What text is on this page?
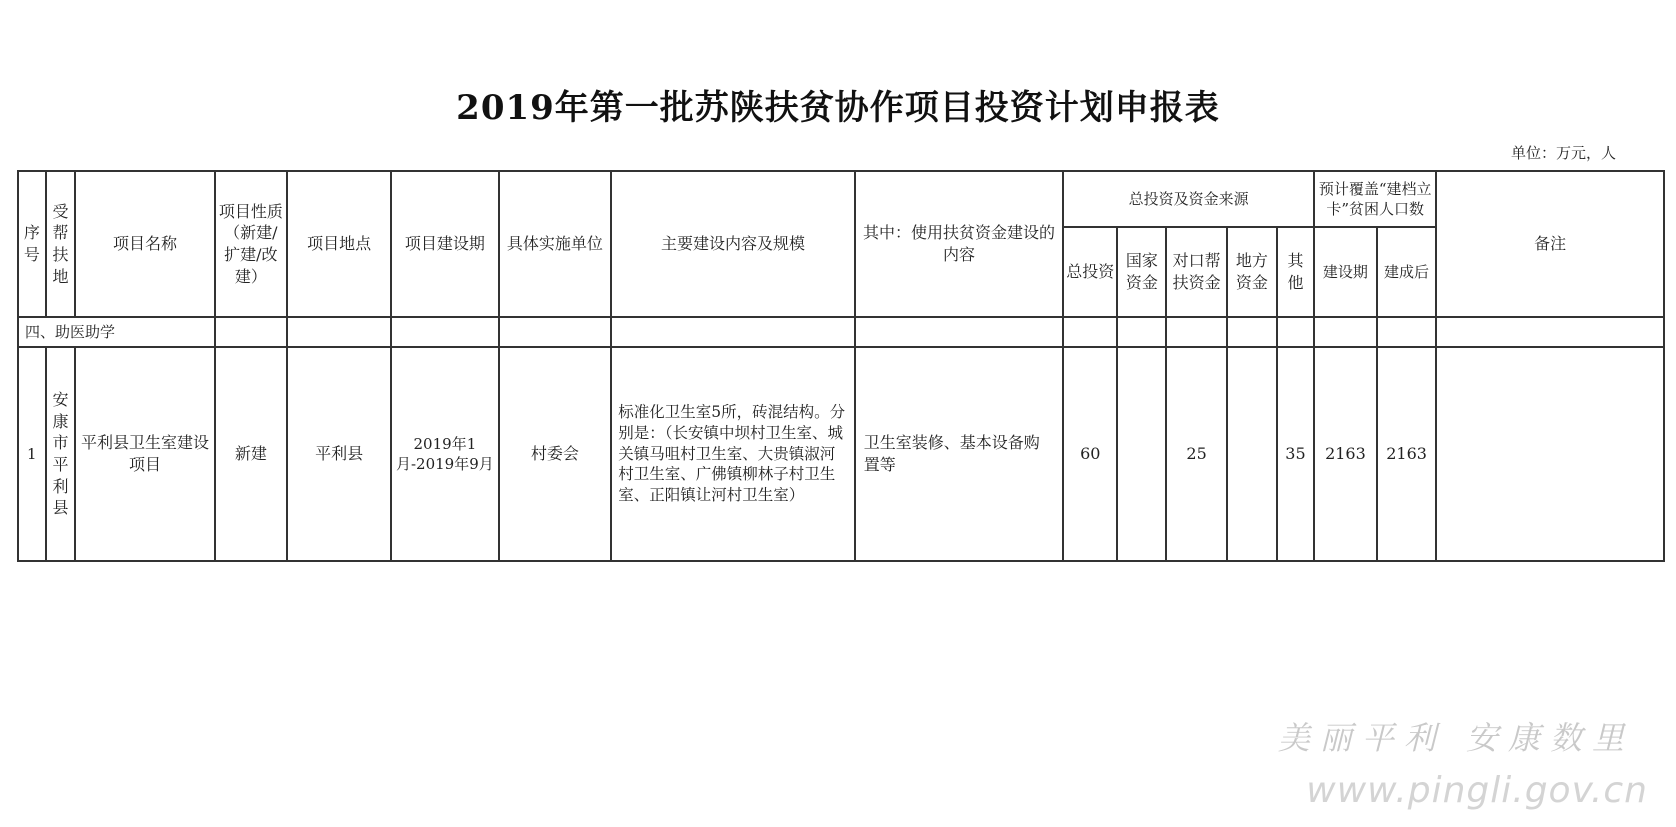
2019年第一批苏陕扶贫协作项目投资计划申报表
单位：万元，人
序号	受帮扶地	项目名称	项目性质（新建/扩建/改建）	项目地点	项目建设期	具体实施单位	主要建设内容及规模	其中：使用扶贫资金建设的内容	总投资及资金来源					预计覆盖“建档立卡”贫困人口数		备注
									总投资	国家资金	对口帮扶资金	地方资金	其他	建设期	建成后	
四、助医助学																
1	安康市平利县	平利县卫生室建设项目	新建	平利县	2019年1月-2019年9月	村委会	标准化卫生室5所，砖混结构。分别是：（长安镇中坝村卫生室、城关镇马咀村卫生室、大贵镇淑河村卫生室、广佛镇柳林子村卫生室、正阳镇让河村卫生室）	卫生室装修、基本设备购置等	60		25		35	2163	2163	
美丽平利 安康数里
www.pingli.gov.cn
